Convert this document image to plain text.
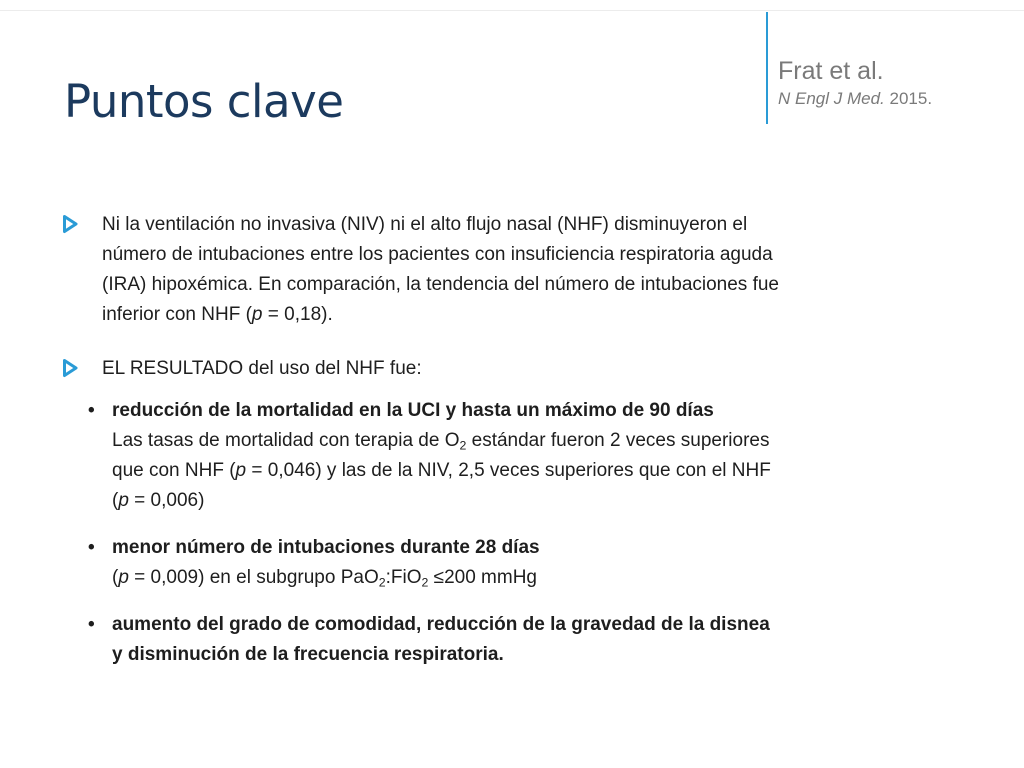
Puntos clave
Frat et al.
N Engl J Med. 2015.
Ni la ventilación no invasiva (NIV) ni el alto flujo nasal (NHF) disminuyeron el
número de intubaciones entre los pacientes con insuficiencia respiratoria aguda
(IRA) hipoxémica. En comparación, la tendencia del número de intubaciones fue
inferior con NHF (p = 0,18).
EL RESULTADO del uso del NHF fue:
• reducción de la mortalidad en la UCI y hasta un máximo de 90 días
Las tasas de mortalidad con terapia de $O_2$ estándar fueron 2 veces superiores
que con NHF (p = 0,046) y las de la NIV, 2,5 veces superiores que con el NHF
(p = 0,006)
• menor número de intubaciones durante 28 días
(p = 0,009) en el subgrupo PaO$_2$:FiO$_2$ ≤200 mmHg
• aumento del grado de comodidad, reducción de la gravedad de la disnea
y disminución de la frecuencia respiratoria.
